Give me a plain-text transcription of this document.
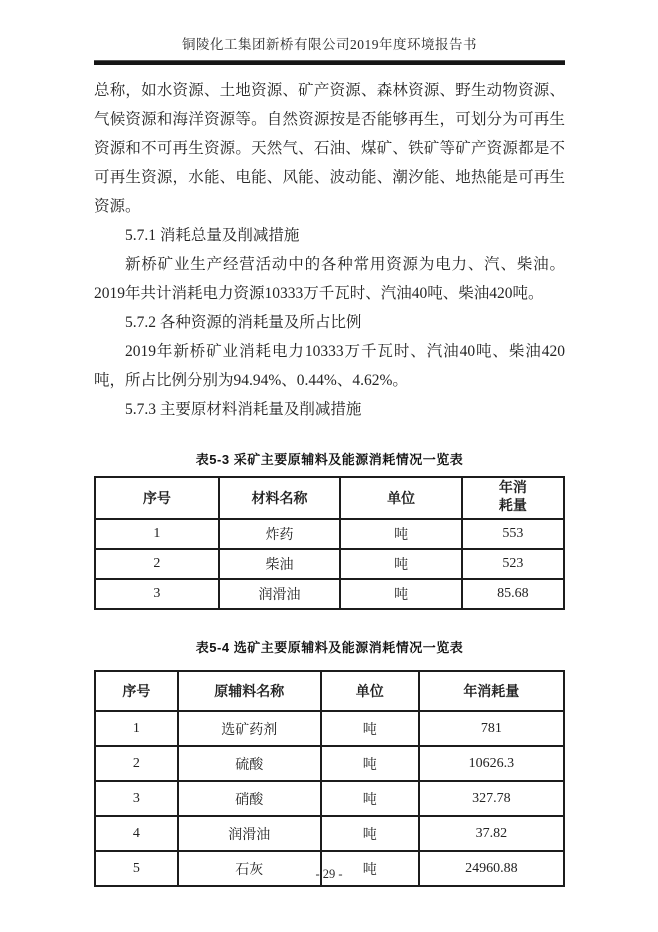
铜陵化工集团新桥有限公司2019年度环境报告书

总称，如水资源、土地资源、矿产资源、森林资源、野生动物资源、气候资源和海洋资源等。自然资源按是否能够再生，可划分为可再生资源和不可再生资源。天然气、石油、煤矿、铁矿等矿产资源都是不可再生资源，水能、电能、风能、波动能、潮汐能、地热能是可再生资源。

5.7.1 消耗总量及削减措施

新桥矿业生产经营活动中的各种常用资源为电力、汽、柴油。2019年共计消耗电力资源10333万千瓦时、汽油40吨、柴油420吨。

5.7.2 各种资源的消耗量及所占比例

2019年新桥矿业消耗电力10333万千瓦时、汽油40吨、柴油420吨，所占比例分别为94.94%、0.44%、4.62%。

5.7.3 主要原材料消耗量及削减措施

表5-3 采矿主要原辅料及能源消耗情况一览表
序号	材料名称	单位	年消耗量
1	炸药	吨	553
2	柴油	吨	523
3	润滑油	吨	85.68
表5-4 选矿主要原辅料及能源消耗情况一览表
序号	原辅料名称	单位	年消耗量
1	选矿药剂	吨	781
2	硫酸	吨	10626.3
3	硝酸	吨	327.78
4	润滑油	吨	37.82
5	石灰	吨	24960.88
- 29 -
